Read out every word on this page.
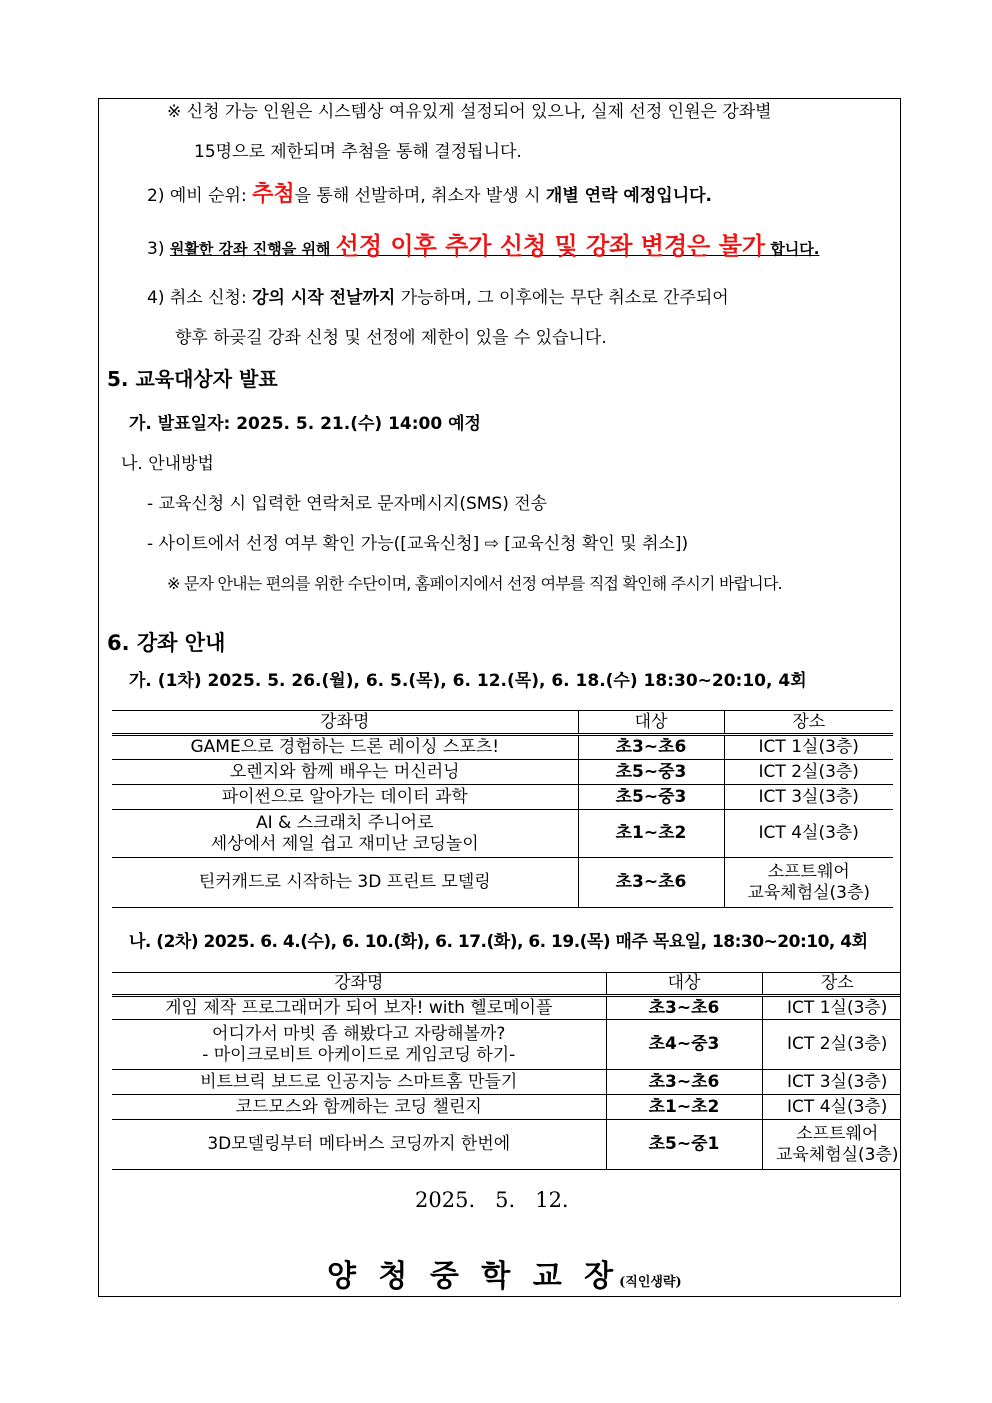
※ 신청 가능 인원은 시스템상 여유있게 설정되어 있으나, 실제 선정 인원은 강좌별
15명으로 제한되며 추첨을 통해 결정됩니다.
2) 예비 순위: 추첨을 통해 선발하며, 취소자 발생 시 개별 연락 예정입니다.
3) 원활한 강좌 진행을 위해 선정 이후 추가 신청 및 강좌 변경은 불가 합니다.
4) 취소 신청: 강의 시작 전날까지 가능하며, 그 이후에는 무단 취소로 간주되어
향후 하곶길 강좌 신청 및 선정에 제한이 있을 수 있습니다.
5. 교육대상자 발표
가. 발표일자: 2025. 5. 21.(수) 14:00 예정
나. 안내방법
- 교육신청 시 입력한 연락처로 문자메시지(SMS) 전송
- 사이트에서 선정 여부 확인 가능([교육신청] ⇨ [교육신청 확인 및 취소])
※ 문자 안내는 편의를 위한 수단이며, 홈페이지에서 선정 여부를 직접 확인해 주시기 바랍니다.
6. 강좌 안내
가. (1차) 2025. 5. 26.(월), 6. 5.(목), 6. 12.(목), 6. 18.(수) 18:30~20:10, 4회
강좌명	대상	장소
GAME으로 경험하는 드론 레이싱 스포츠!	초3~초6	ICT 1실(3층)
오렌지와 함께 배우는 머신러닝	초5~중3	ICT 2실(3층)
파이썬으로 알아가는 데이터 과학	초5~중3	ICT 3실(3층)

AI & 스크래치 주니어로
세상에서 제일 쉽고 재미난 코딩놀이	초1~초2	ICT 4실(3층)
틴커캐드로 시작하는 3D 프린트 모델링	초3~초6	소프트웨어
교육체험실(3층)
나. (2차) 2025. 6. 4.(수), 6. 10.(화), 6. 17.(화), 6. 19.(목) 매주 목요일, 18:30~20:10, 4회
강좌명	대상	장소
게임 제작 프로그래머가 되어 보자! with 헬로메이플	초3~초6	ICT 1실(3층)

어디가서 마빗 좀 해봤다고 자랑해볼까?
- 마이크로비트 아케이드로 게임코딩 하기-	초4~중3	ICT 2실(3층)
비트브릭 보드로 인공지능 스마트홈 만들기	초3~초6	ICT 3실(3층)
코드모스와 함께하는 코딩 챌린지	초1~초2	ICT 4실(3층)
3D모델링부터 메타버스 코딩까지 한번에	초5~중1	소프트웨어
교육체험실(3층)
2025.   5.   12.
양 청 중 학 교 장(직인생략)
